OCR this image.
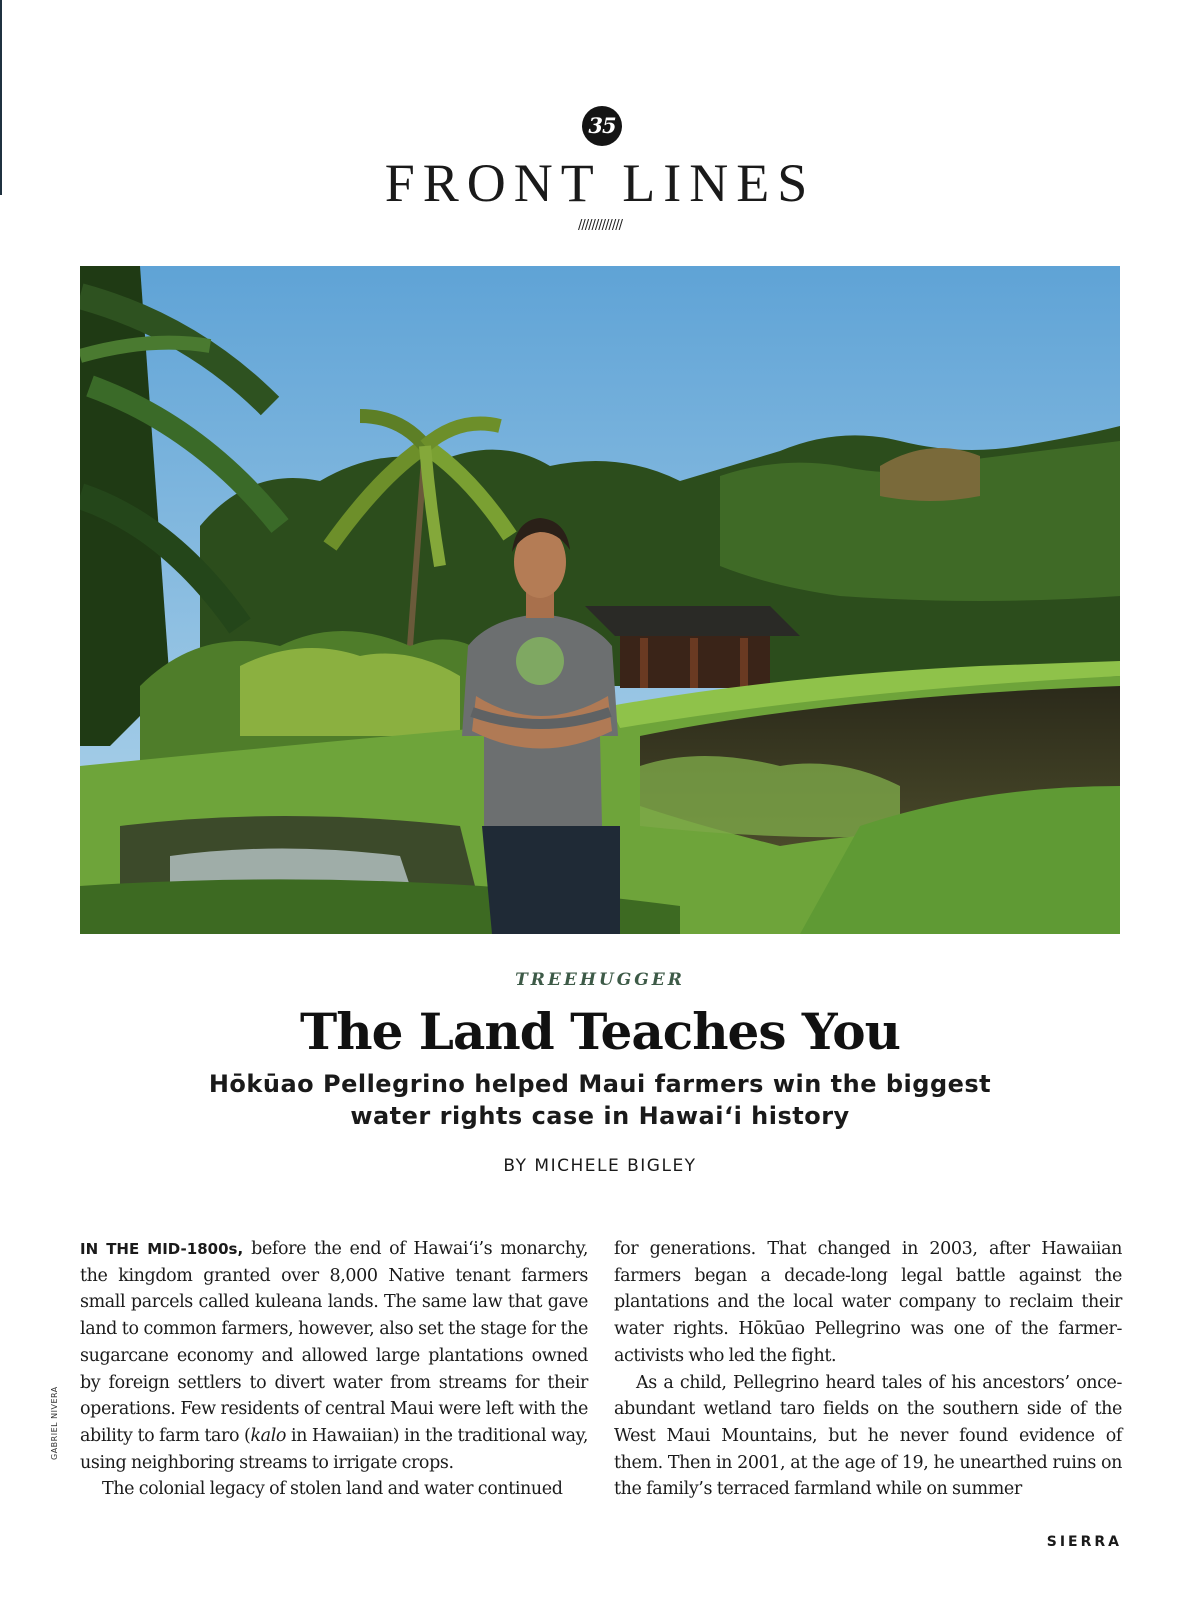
35
FRONT LINES
/////////////
GABRIEL NIVERA
TREEHUGGER
The Land Teaches You
Hōkūao Pellegrino helped Maui farmers win the biggest water rights case in Hawaiʻi history
BY MICHELE BIGLEY

IN THE MID-1800s, before the end of Hawaiʻi’s monarchy, the kingdom granted over 8,000 Native tenant farmers small parcels called kuleana lands. The same law that gave land to common farmers, however, also set the stage for the sugarcane economy and allowed large plantations owned by foreign settlers to divert water from streams for their operations. Few residents of central Maui were left with the ability to farm taro (kalo in Hawaiian) in the traditional way, using neighboring streams to irrigate crops.

The colonial legacy of stolen land and water continued

for generations. That changed in 2003, after Hawaiian farmers began a decade-long legal battle against the plantations and the local water company to reclaim their water rights. Hōkūao Pellegrino was one of the farmer-activists who led the fight.

As a child, Pellegrino heard tales of his ancestors’ once-abundant wetland taro fields on the southern side of the West Maui Mountains, but he never found evidence of them. Then in 2001, at the age of 19, he unearthed ruins on the family’s terraced farmland while on summer

SIERRA
